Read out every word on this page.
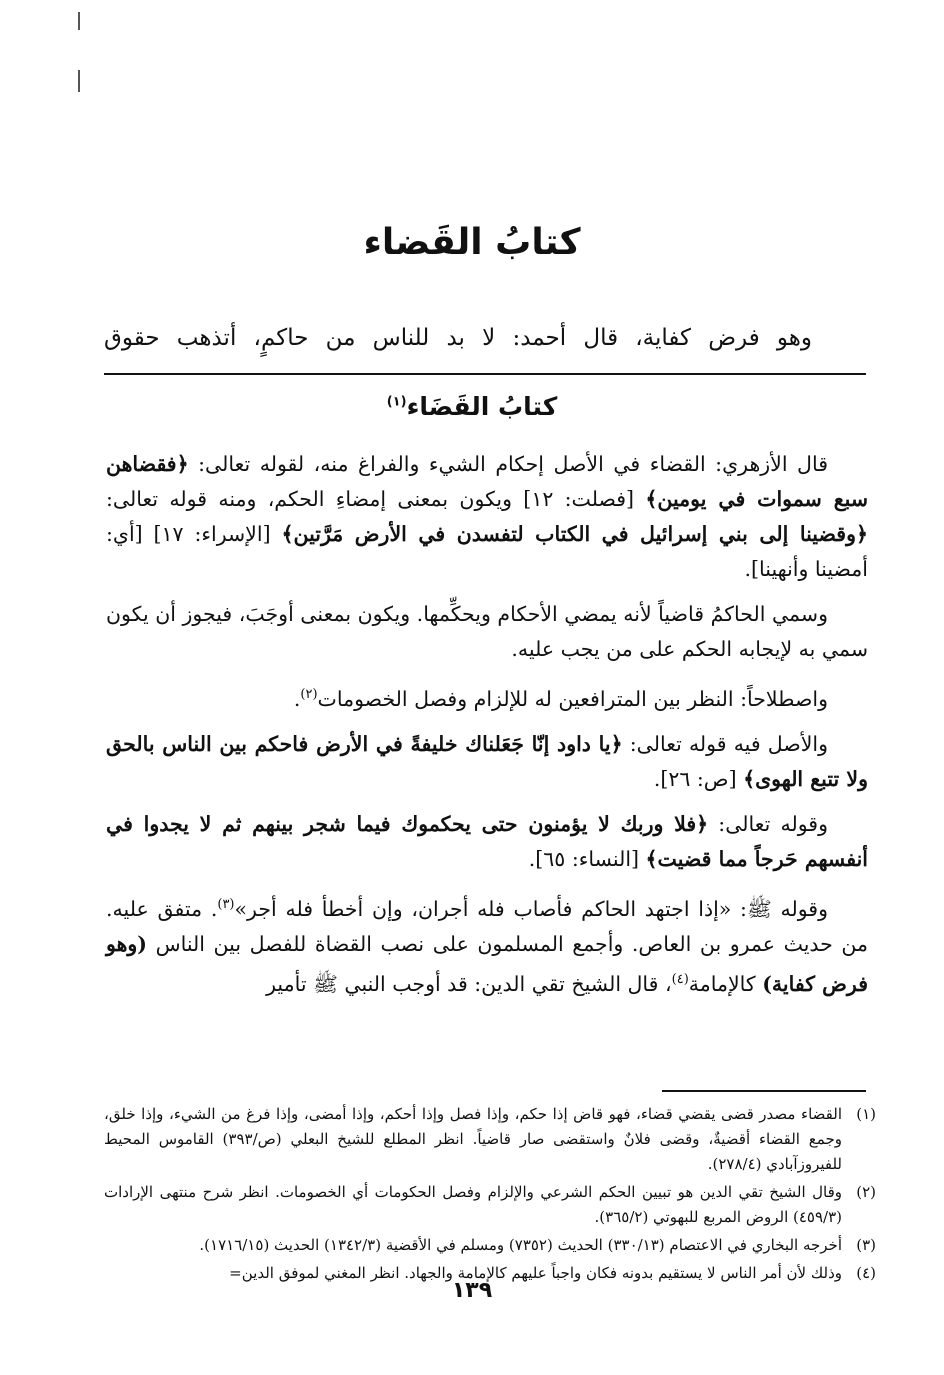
كتابُ القَضاء
وهو فرض كفاية، قال أحمد: لا بد للناس من حاكمٍ، أتذهب حقوق
كتابُ القَضَاء$^{(١)}$

قال الأزهري: القضاء في الأصل إحكام الشيء والفراغ منه، لقوله تعالى: ﴿فقضاهن سبع سموات في يومين﴾ [فصلت: ١٢] ويكون بمعنى إمضاءِ الحكم، ومنه قوله تعالى: ﴿وقضينا إلى بني إسرائيل في الكتاب لتفسدن في الأرض مَرَّتين﴾ [الإسراء: ١٧] [أي: أمضينا وأنهينا].

وسمي الحاكمُ قاضياً لأنه يمضي الأحكام ويحكِّمها. ويكون بمعنى أوجَبَ، فيجوز أن يكون سمي به لإيجابه الحكم على من يجب عليه.

واصطلاحاً: النظر بين المترافعين له للإلزام وفصل الخصومات$^{(٢)}$.

والأصل فيه قوله تعالى: ﴿يا داود إنّا جَعَلناك خليفةً في الأرض فاحكم بين الناس بالحق ولا تتبع الهوى﴾ [ص: ٢٦].

وقوله تعالى: ﴿فلا وربك لا يؤمنون حتى يحكموك فيما شجر بينهم ثم لا يجدوا في أنفسهم حَرجاً مما قضيت﴾ [النساء: ٦٥].

وقوله ﷺ: «إذا اجتهد الحاكم فأصاب فله أجران، وإن أخطأ فله أجر»$^{(٣)}$. متفق عليه. من حديث عمرو بن العاص. وأجمع المسلمون على نصب القضاة للفصل بين الناس (وهو فرض كفاية) كالإمامة$^{(٤)}$، قال الشيخ تقي الدين: قد أوجب النبي ﷺ تأمير

(١)
القضاء مصدر قضى يقضي قضاء، فهو قاض إذا حكم، وإذا فصل وإذا أحكم، وإذا أمضى، وإذا فرغ من الشيء، وإذا خلق، وجمع القضاء أقضيةٌ، وقضى فلانٌ واستقضى صار قاضياً. انظر المطلع للشيخ البعلي (ص/٣٩٣) القاموس المحيط للفيروزآبادي (٢٧٨/٤).
(٢)
وقال الشيخ تقي الدين هو تبيين الحكم الشرعي والإلزام وفصل الحكومات أي الخصومات. انظر شرح منتهى الإرادات (٤٥٩/٣) الروض المربع للبهوتي (٣٦٥/٢).
(٣)
أخرجه البخاري في الاعتصام (٣٣٠/١٣) الحديث (٧٣٥٢) ومسلم في الأقضية (١٣٤٢/٣) الحديث (١٧١٦/١٥).
(٤)
وذلك لأن أمر الناس لا يستقيم بدونه فكان واجباً عليهم كالإمامة والجهاد. انظر المغني لموفق الدين=
١٣٩
